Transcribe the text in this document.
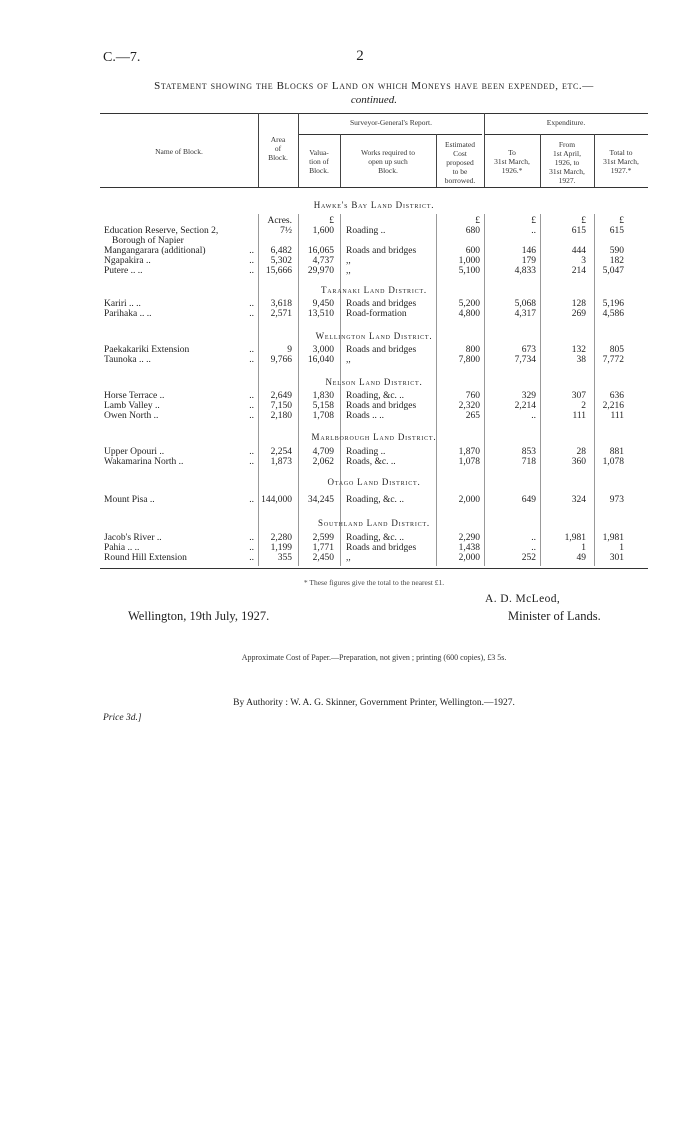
C.—7.	2
Statement showing the Blocks of Land on which Moneys have been expended, etc.—
continued.
Name of Block.
Area
of
Block.
Surveyor-General's Report.
Valua-
tion of
Block.
Works required to
open up such
Block.
Estimated
Cost
proposed
to be
borrowed.
Expenditure.
To
31st March,
1926.*
From
1st April,
1926, to
31st March,
1927.
Total to
31st March,
1927.*
Acres.	£	£	£	£	£
Hawke's Bay Land District.
Education Reserve, Section 2,	7½	1,600 Roading ..	680	..	615	615
Borough of Napier
Mangangarara (additional)	..	6,482	16,065 Roads and bridges	600	146	444	590
Ngapakira ..	..	5,302	4,737 ,,	1,000	179	3	182
Putere .. ..	..	15,666	29,970 ,,	5,100	4,833	214	5,047
Taranaki Land District.
Kariri .. ..	..	3,618	9,450 Roads and bridges	5,200	5,068	128	5,196
Parihaka .. ..	..	2,571	13,510 Road-formation	4,800	4,317	269	4,586
Wellington Land District.
Paekakariki Extension	..	9	3,000 Roads and bridges	800	673	132	805
Taunoka .. ..	..	9,766	16,040 ,,	7,800	7,734	38	7,772
Nelson Land District.
Horse Terrace ..	..	2,649	1,830 Roading, &c. ..	760	329	307	636
Lamb Valley ..	..	7,150	5,158 Roads and bridges	2,320	2,214	2	2,216
Owen North ..	..	2,180	1,708 Roads .. ..	265	..	111	111
Marlborough Land District.
Upper Opouri ..	..	2,254	4,709 Roading ..	1,870	853	28	881
Wakamarina North ..	..	1,873	2,062 Roads, &c. ..	1,078	718	360	1,078
Otago Land District.
Mount Pisa ..	.. 144,000	34,245 Roading, &c. ..	2,000	649	324	973
Southland Land District.
Jacob's River ..	..	2,280	2,599 Roading, &c. ..	2,290	..	1,981	1,981
Pahia .. ..	..	1,199	1,771 Roads and bridges	1,438	..	1	1
Round Hill Extension	..	355	2,450 ,,	2,000	252	49	301
* These figures give the total to the nearest £1.
Wellington, 19th July, 1927.
A. D. McLeod,
Minister of Lands.
Approximate Cost of Paper.—Preparation, not given ; printing (600 copies), £3 5s.
By Authority : W. A. G. Skinner, Government Printer, Wellington.—1927.
Price 3d.]
